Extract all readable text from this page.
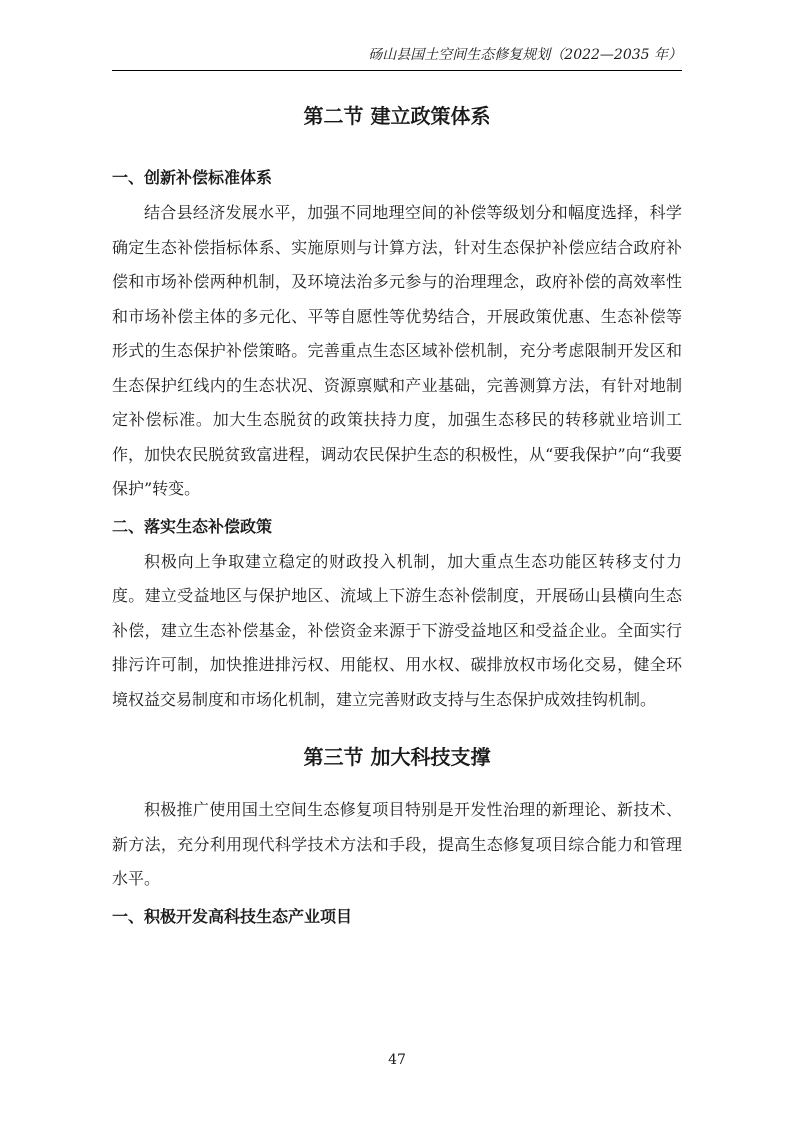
砀山县国土空间生态修复规划（2022—2035 年）
第二节 建立政策体系
一、创新补偿标准体系

结合县经济发展水平，加强不同地理空间的补偿等级划分和幅度选择，科学确定生态补偿指标体系、实施原则与计算方法，针对生态保护补偿应结合政府补偿和市场补偿两种机制，及环境法治多元参与的治理理念，政府补偿的高效率性和市场补偿主体的多元化、平等自愿性等优势结合，开展政策优惠、生态补偿等形式的生态保护补偿策略。完善重点生态区域补偿机制，充分考虑限制开发区和生态保护红线内的生态状况、资源禀赋和产业基础，完善测算方法，有针对地制定补偿标准。加大生态脱贫的政策扶持力度，加强生态移民的转移就业培训工作，加快农民脱贫致富进程，调动农民保护生态的积极性，从“要我保护”向“我要保护”转变。

二、落实生态补偿政策

积极向上争取建立稳定的财政投入机制，加大重点生态功能区转移支付力度。建立受益地区与保护地区、流域上下游生态补偿制度，开展砀山县横向生态补偿，建立生态补偿基金，补偿资金来源于下游受益地区和受益企业。全面实行排污许可制，加快推进排污权、用能权、用水权、碳排放权市场化交易，健全环境权益交易制度和市场化机制，建立完善财政支持与生态保护成效挂钩机制。

第三节 加大科技支撑

积极推广使用国土空间生态修复项目特别是开发性治理的新理论、新技术、新方法，充分利用现代科学技术方法和手段，提高生态修复项目综合能力和管理水平。

一、积极开发高科技生态产业项目
47
